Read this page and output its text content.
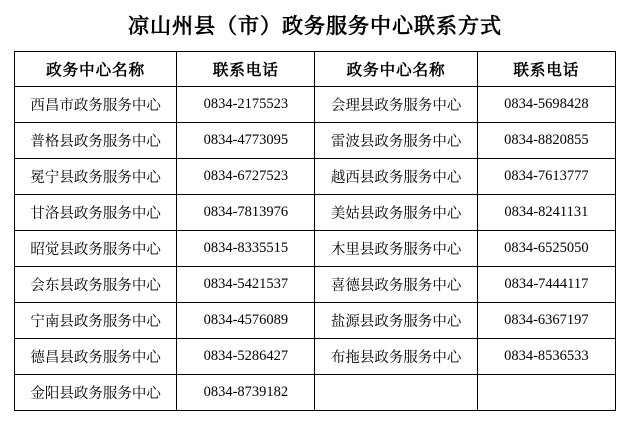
凉山州县（市）政务服务中心联系方式
政务中心名称	联系电话	政务中心名称	联系电话
西昌市政务服务中心	0834-2175523	会理县政务服务中心	0834-5698428
普格县政务服务中心	0834-4773095	雷波县政务服务中心	0834-8820855
冕宁县政务服务中心	0834-6727523	越西县政务服务中心	0834-7613777
甘洛县政务服务中心	0834-7813976	美姑县政务服务中心	0834-8241131
昭觉县政务服务中心	0834-8335515	木里县政务服务中心	0834-6525050
会东县政务服务中心	0834-5421537	喜德县政务服务中心	0834-7444117
宁南县政务服务中心	0834-4576089	盐源县政务服务中心	0834-6367197
德昌县政务服务中心	0834-5286427	布拖县政务服务中心	0834-8536533
金阳县政务服务中心	0834-8739182		
